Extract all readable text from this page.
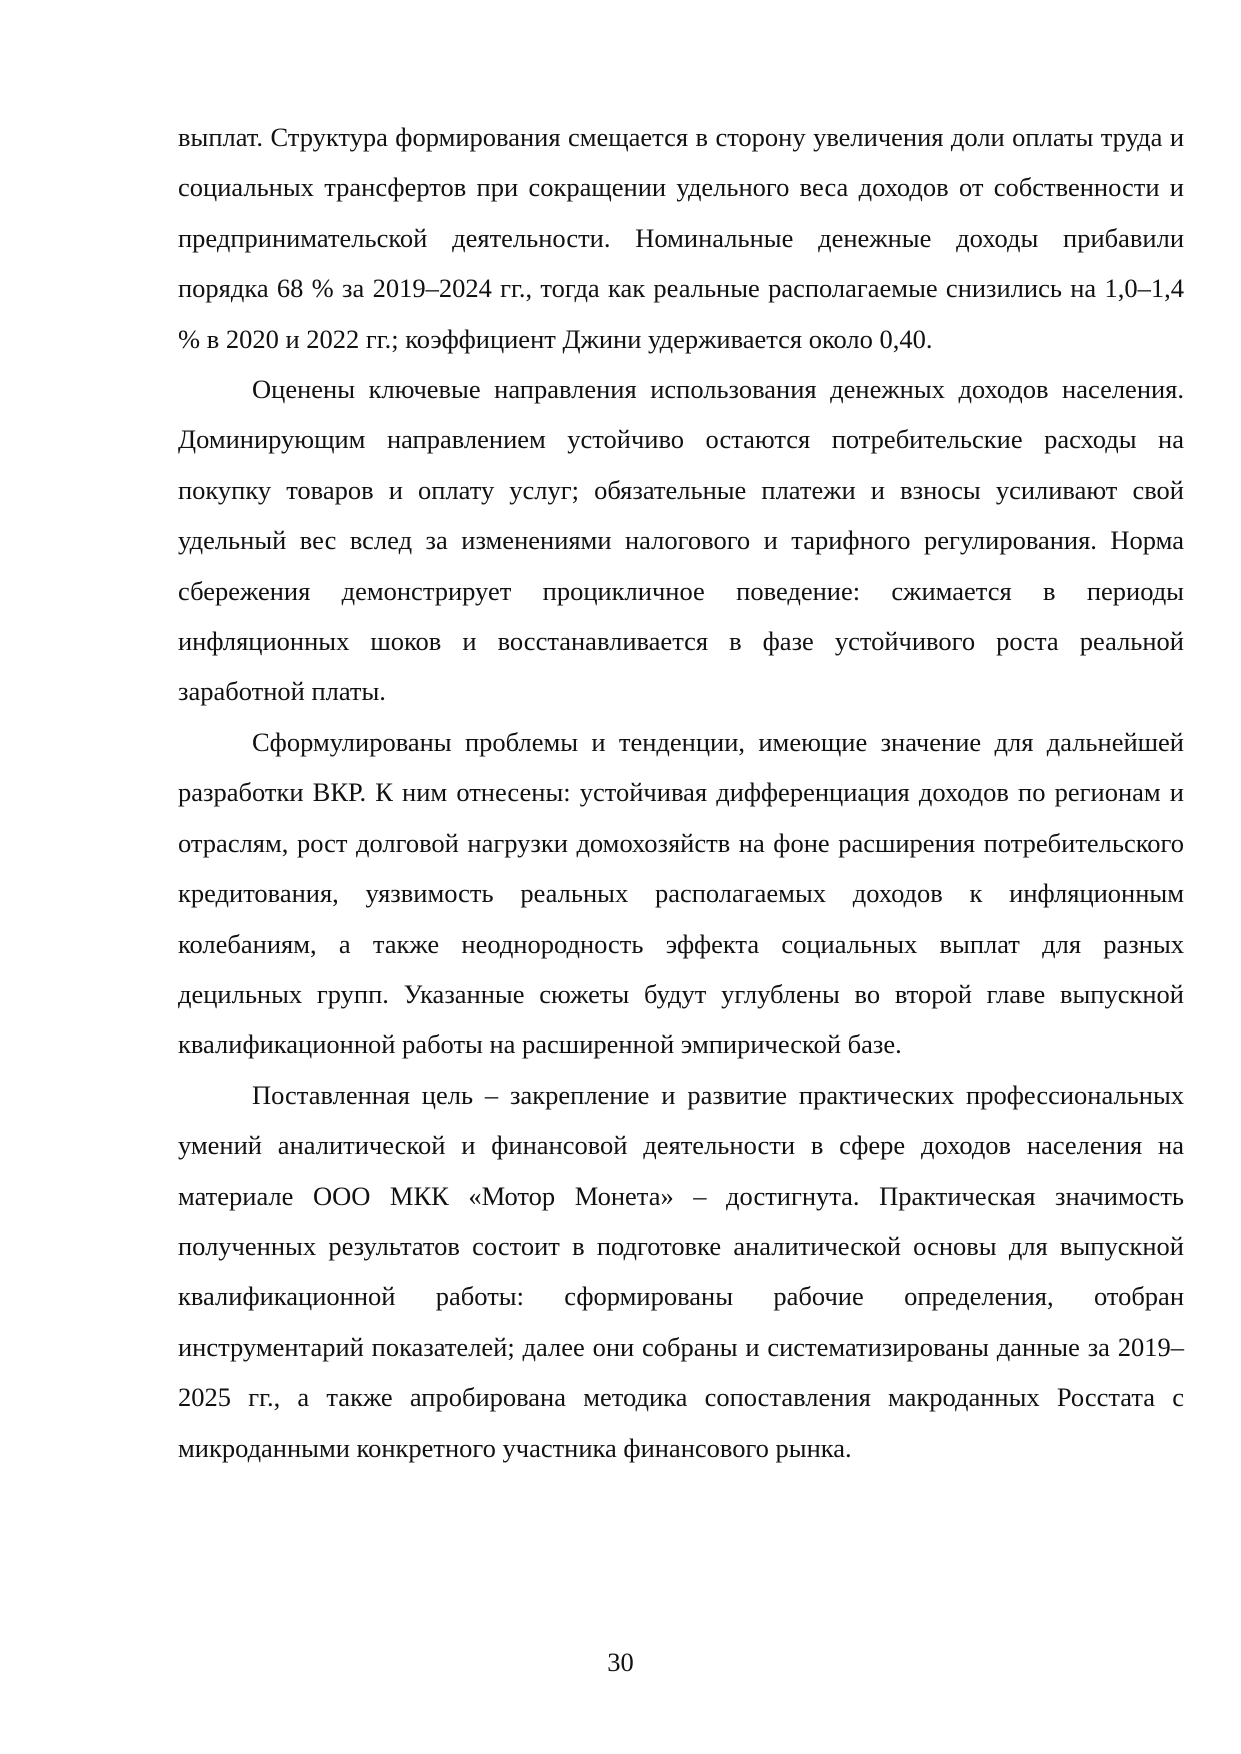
выплат. Структура формирования смещается в сторону увеличения доли оплаты труда и социальных трансфертов при сокращении удельного веса доходов от собственности и предпринимательской деятельности. Номинальные денежные доходы прибавили порядка 68 % за 2019–2024 гг., тогда как реальные располагаемые снизились на 1,0–1,4 % в 2020 и 2022 гг.; коэффициент Джини удерживается около 0,40.

Оценены ключевые направления использования денежных доходов населения. Доминирующим направлением устойчиво остаются потребительские расходы на покупку товаров и оплату услуг; обязательные платежи и взносы усиливают свой удельный вес вслед за изменениями налогового и тарифного регулирования. Норма сбережения демонстрирует процикличное поведение: сжимается в периоды инфляционных шоков и восстанавливается в фазе устойчивого роста реальной заработной платы.

Сформулированы проблемы и тенденции, имеющие значение для дальнейшей разработки ВКР. К ним отнесены: устойчивая дифференциация доходов по регионам и отраслям, рост долговой нагрузки домохозяйств на фоне расширения потребительского кредитования, уязвимость реальных располагаемых доходов к инфляционным колебаниям, а также неоднородность эффекта социальных выплат для разных децильных групп. Указанные сюжеты будут углублены во второй главе выпускной квалификационной работы на расширенной эмпирической базе.

Поставленная цель – закрепление и развитие практических профессиональных умений аналитической и финансовой деятельности в сфере доходов населения на материале ООО МКК «Мотор Монета» – достигнута. Практическая значимость полученных результатов состоит в подготовке аналитической основы для выпускной квалификационной работы: сформированы рабочие определения, отобран инструментарий показателей; далее они собраны и систематизированы данные за 2019–2025 гг., а также апробирована методика сопоставления макроданных Росстата с микроданными конкретного участника финансового рынка.

30
